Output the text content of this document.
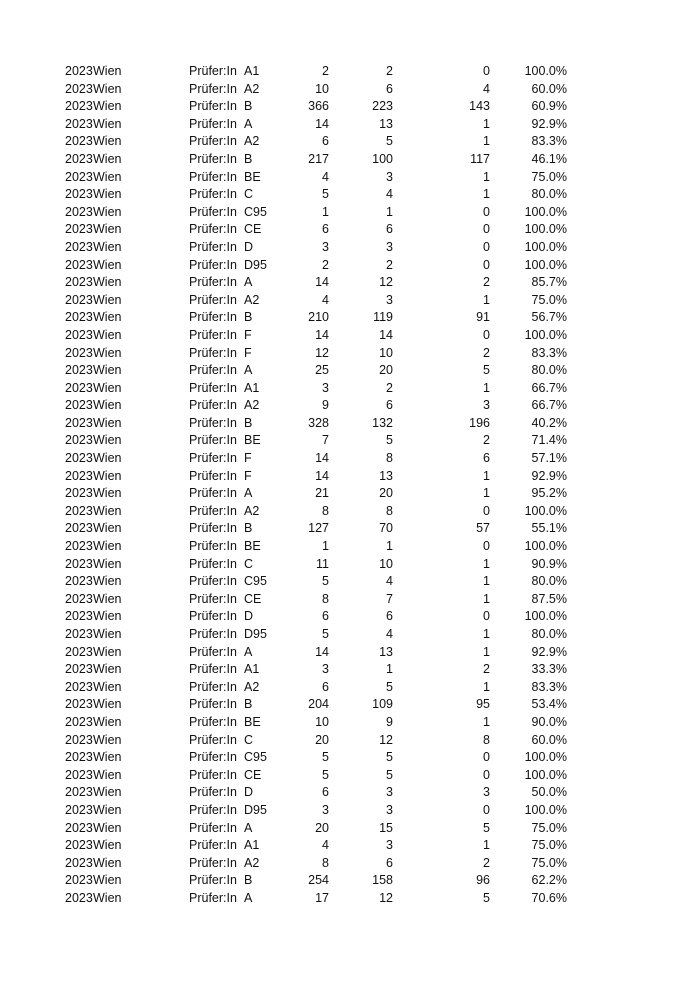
2023 Wien	Prüfer:In A1	2	2	0	100.0%
2023 Wien	Prüfer:In A2	10	6	4	60.0%
2023 Wien	Prüfer:In B	366	223	143	60.9%
2023 Wien	Prüfer:In A	14	13	1	92.9%
2023 Wien	Prüfer:In A2	6	5	1	83.3%
2023 Wien	Prüfer:In B	217	100	117	46.1%
2023 Wien	Prüfer:In BE	4	3	1	75.0%
2023 Wien	Prüfer:In C	5	4	1	80.0%
2023 Wien	Prüfer:In C95	1	1	0	100.0%
2023 Wien	Prüfer:In CE	6	6	0	100.0%
2023 Wien	Prüfer:In D	3	3	0	100.0%
2023 Wien	Prüfer:In D95	2	2	0	100.0%
2023 Wien	Prüfer:In A	14	12	2	85.7%
2023 Wien	Prüfer:In A2	4	3	1	75.0%
2023 Wien	Prüfer:In B	210	119	91	56.7%
2023 Wien	Prüfer:In F	14	14	0	100.0%
2023 Wien	Prüfer:In F	12	10	2	83.3%
2023 Wien	Prüfer:In A	25	20	5	80.0%
2023 Wien	Prüfer:In A1	3	2	1	66.7%
2023 Wien	Prüfer:In A2	9	6	3	66.7%
2023 Wien	Prüfer:In B	328	132	196	40.2%
2023 Wien	Prüfer:In BE	7	5	2	71.4%
2023 Wien	Prüfer:In F	14	8	6	57.1%
2023 Wien	Prüfer:In F	14	13	1	92.9%
2023 Wien	Prüfer:In A	21	20	1	95.2%
2023 Wien	Prüfer:In A2	8	8	0	100.0%
2023 Wien	Prüfer:In B	127	70	57	55.1%
2023 Wien	Prüfer:In BE	1	1	0	100.0%
2023 Wien	Prüfer:In C	11	10	1	90.9%
2023 Wien	Prüfer:In C95	5	4	1	80.0%
2023 Wien	Prüfer:In CE	8	7	1	87.5%
2023 Wien	Prüfer:In D	6	6	0	100.0%
2023 Wien	Prüfer:In D95	5	4	1	80.0%
2023 Wien	Prüfer:In A	14	13	1	92.9%
2023 Wien	Prüfer:In A1	3	1	2	33.3%
2023 Wien	Prüfer:In A2	6	5	1	83.3%
2023 Wien	Prüfer:In B	204	109	95	53.4%
2023 Wien	Prüfer:In BE	10	9	1	90.0%
2023 Wien	Prüfer:In C	20	12	8	60.0%
2023 Wien	Prüfer:In C95	5	5	0	100.0%
2023 Wien	Prüfer:In CE	5	5	0	100.0%
2023 Wien	Prüfer:In D	6	3	3	50.0%
2023 Wien	Prüfer:In D95	3	3	0	100.0%
2023 Wien	Prüfer:In A	20	15	5	75.0%
2023 Wien	Prüfer:In A1	4	3	1	75.0%
2023 Wien	Prüfer:In A2	8	6	2	75.0%
2023 Wien	Prüfer:In B	254	158	96	62.2%
2023 Wien	Prüfer:In A	17	12	5	70.6%
